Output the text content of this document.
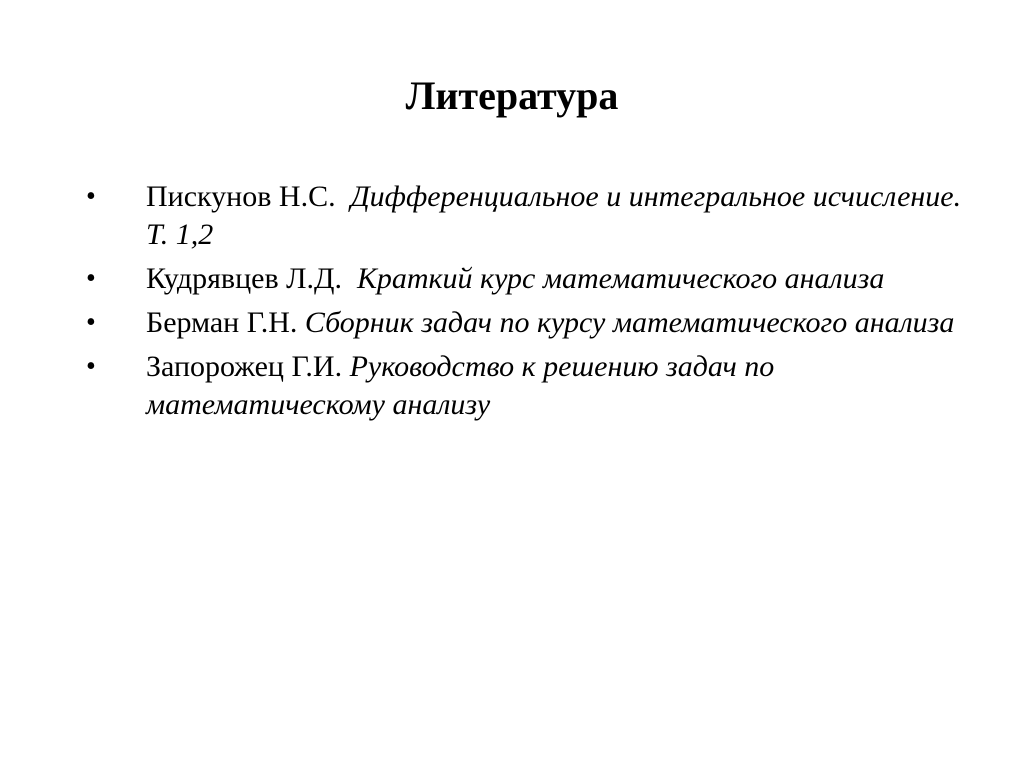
Литература
• Пискунов Н.С. Дифференциальное и интегральное исчисление. Т. 1,2
• Кудрявцев Л.Д. Краткий курс математического анализа
• Берман Г.Н. Сборник задач по курсу математического анализа
• Запорожец Г.И. Руководство к решению задач по математическому анализу
